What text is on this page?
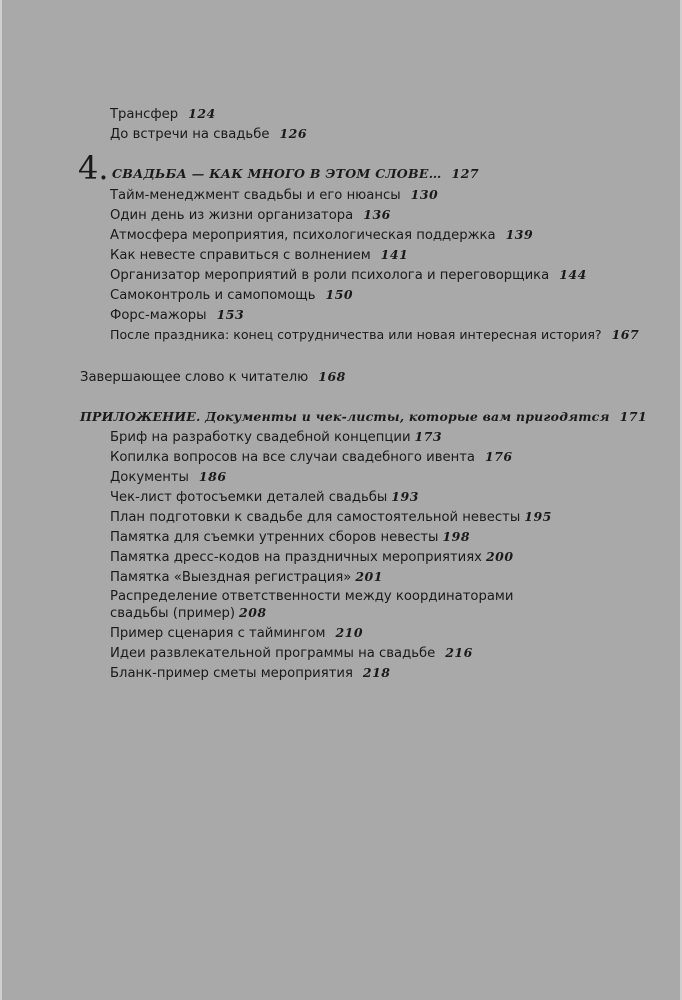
Трансфер 124
До встречи на свадьбе 126
4. СВАДЬБА — КАК МНОГО В ЭТОМ СЛОВЕ… 127
Тайм-менеджмент свадьбы и его нюансы 130
Один день из жизни организатора 136
Атмосфера мероприятия, психологическая поддержка 139
Как невесте справиться с волнением 141
Организатор мероприятий в роли психолога и переговорщика 144
Самоконтроль и самопомощь 150
Форс-мажоры 153
После праздника: конец сотрудничества или новая интересная история? 167
Завершающее слово к читателю 168
ПРИЛОЖЕНИЕ. Документы и чек-листы, которые вам пригодятся 171
Бриф на разработку свадебной концепции 173
Копилка вопросов на все случаи свадебного ивента 176
Документы 186
Чек-лист фотосъемки деталей свадьбы 193
План подготовки к свадьбе для самостоятельной невесты 195
Памятка для съемки утренних сборов невесты 198
Памятка дресс-кодов на праздничных мероприятиях 200
Памятка «Выездная регистрация» 201
Распределение ответственности между координаторами
свадьбы (пример) 208
Пример сценария с таймингом 210
Идеи развлекательной программы на свадьбе 216
Бланк-пример сметы мероприятия 218
